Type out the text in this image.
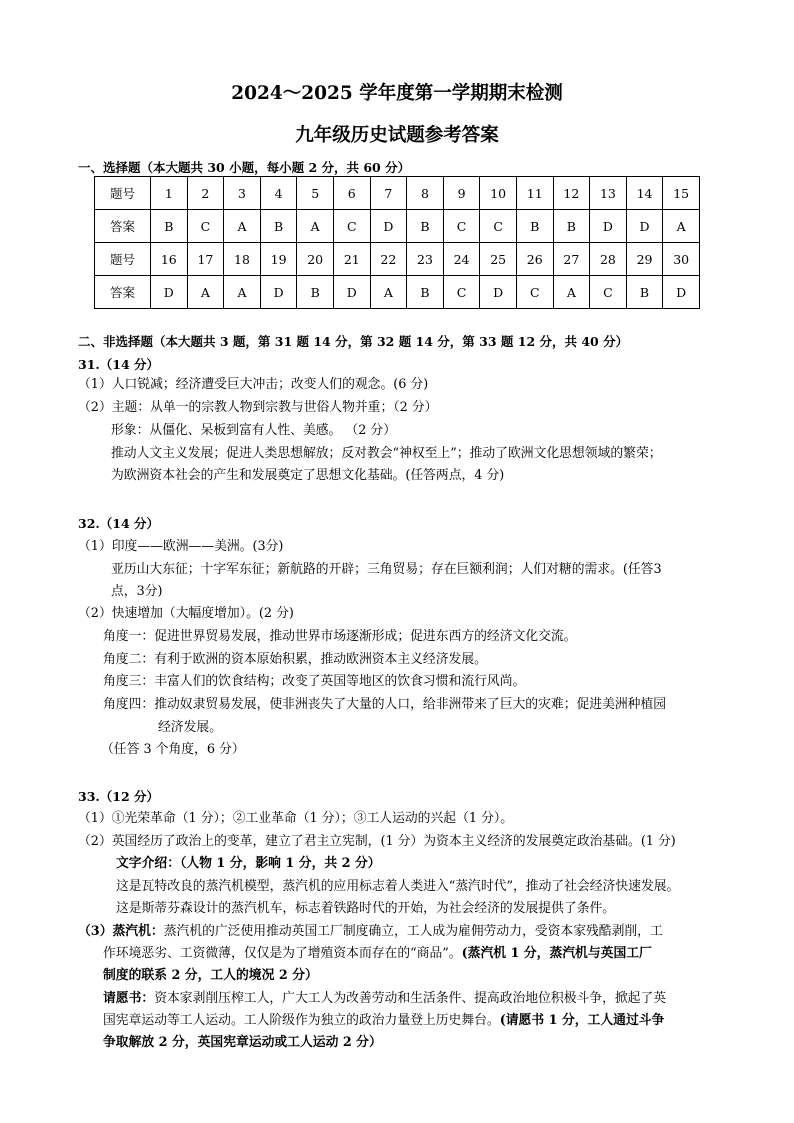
2024～2025 学年度第一学期期末检测
九年级历史试题参考答案
一、选择题（本大题共 30 小题，每小题 2 分，共 60 分）
题号	1	2	3	4	5	6	7	8	9	10	11	12	13	14	15
答案	B	C	A	B	A	C	D	B	C	C	B	B	D	D	A
题号	16	17	18	19	20	21	22	23	24	25	26	27	28	29	30
答案	D	A	A	D	B	D	A	B	C	D	C	A	C	B	D
二、非选择题（本大题共 3 题，第 31 题 14 分，第 32 题 14 分，第 33 题 12 分，共 40 分）
31.（14 分）
（1）人口锐减；经济遭受巨大冲击；改变人们的观念。(6 分)
（2）主题：从单一的宗教人物到宗教与世俗人物并重；（2 分）
形象：从僵化、呆板到富有人性、美感。 （2 分）
推动人文主义发展；促进人类思想解放；反对教会“神权至上”；推动了欧洲文化思想领域的繁荣；
为欧洲资本社会的产生和发展奠定了思想文化基础。(任答两点，4 分)
32.（14 分）
（1）印度——欧洲——美洲。(3分)
亚历山大东征；十字军东征；新航路的开辟；三角贸易；存在巨额利润；人们对糖的需求。(任答3
点，3分)
（2）快速增加（大幅度增加）。(2 分)
角度一：促进世界贸易发展，推动世界市场逐渐形成；促进东西方的经济文化交流。
角度二：有利于欧洲的资本原始积累，推动欧洲资本主义经济发展。
角度三：丰富人们的饮食结构；改变了英国等地区的饮食习惯和流行风尚。
角度四：推动奴隶贸易发展，使非洲丧失了大量的人口，给非洲带来了巨大的灾难；促进美洲种植园
经济发展。
（任答 3 个角度，6 分）
33.（12 分）
（1）①光荣革命（1 分）；②工业革命（1 分）；③工人运动的兴起（1 分）。
（2）英国经历了政治上的变革，建立了君主立宪制，(1 分）为资本主义经济的发展奠定政治基础。(1 分)
文字介绍：（人物 1 分，影响 1 分，共 2 分）
这是瓦特改良的蒸汽机模型，蒸汽机的应用标志着人类进入“蒸汽时代”，推动了社会经济快速发展。
这是斯蒂芬森设计的蒸汽机车，标志着铁路时代的开始，为社会经济的发展提供了条件。
（3）蒸汽机：蒸汽机的广泛使用推动英国工厂制度确立，工人成为雇佣劳动力，受资本家残酷剥削，工
作环境恶劣、工资微薄，仅仅是为了增殖资本而存在的“商品”。(蒸汽机 1 分，蒸汽机与英国工厂
制度的联系 2 分，工人的境况 2 分）
请愿书：资本家剥削压榨工人，广大工人为改善劳动和生活条件、提高政治地位积极斗争，掀起了英
国宪章运动等工人运动。工人阶级作为独立的政治力量登上历史舞台。(请愿书 1 分，工人通过斗争
争取解放 2 分，英国宪章运动或工人运动 2 分）
